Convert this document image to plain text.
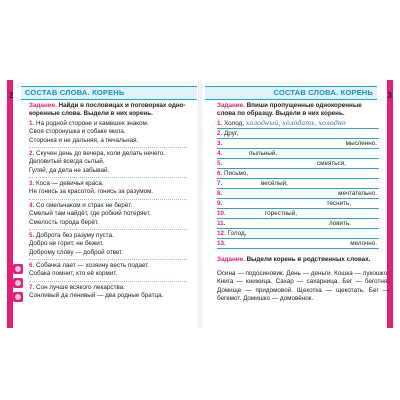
2 СОСТАВ СЛОВА. КОРЕНЬ
Задание. Найди в пословицах и поговорках одно-коренные слова. Выдели в них корень.
1. На родной стороне и камешек знаком.
Своя сторонушка и собаке мила.
Сторонка и не дальняя, а печальная.
2. Скучен день до вечера, коли делать нечего.
Деловитый всегда сытый.
Гуляй, да дела не забывай.
3. Коса — девичья краса.
Не гонись за красотой, гонись за разумом.
4. Со смельчаком и страх не берёт.
Смелый там найдёт, где робкий потеряет.
Смелость города берёт.
5. Доброта без разуму пуста.
Добро не горит, не бежит.
Доброму слову — доброй ответ.
6. Собачка лает — хозяину весть подает.
Собака помнит, кто её кормит.
7. Сон лучше всякого лекарства.
Сонливый да ленивый — два родные братца.
3
СОСТАВ СЛОВА. КОРЕНЬ
Задание. Впиши пропущенные однокоренные слова по образцу. Выдели в них корень.
1. Холод, холодный, холодать, холодно
2. Друг,
3.	мысленно.
4.	пыльный,
5.	смеяться,
6. Письмо,
7.	весёлый,
8.	мечтательно.
9.	теснить,
10.	горестный,
11.	ловить.
12. Голод,
13.	мелочно.
Задание. Выдели корень в родственных словах.
Осина — подосиновик. День — деньги. Кошка — лукошко. Книга — книжица. Сахар — сахарница. Бег — беготня. Домище — придомовой. Щекотка — щекотать. Бег — бегемот. Домишко — домовёнок.
